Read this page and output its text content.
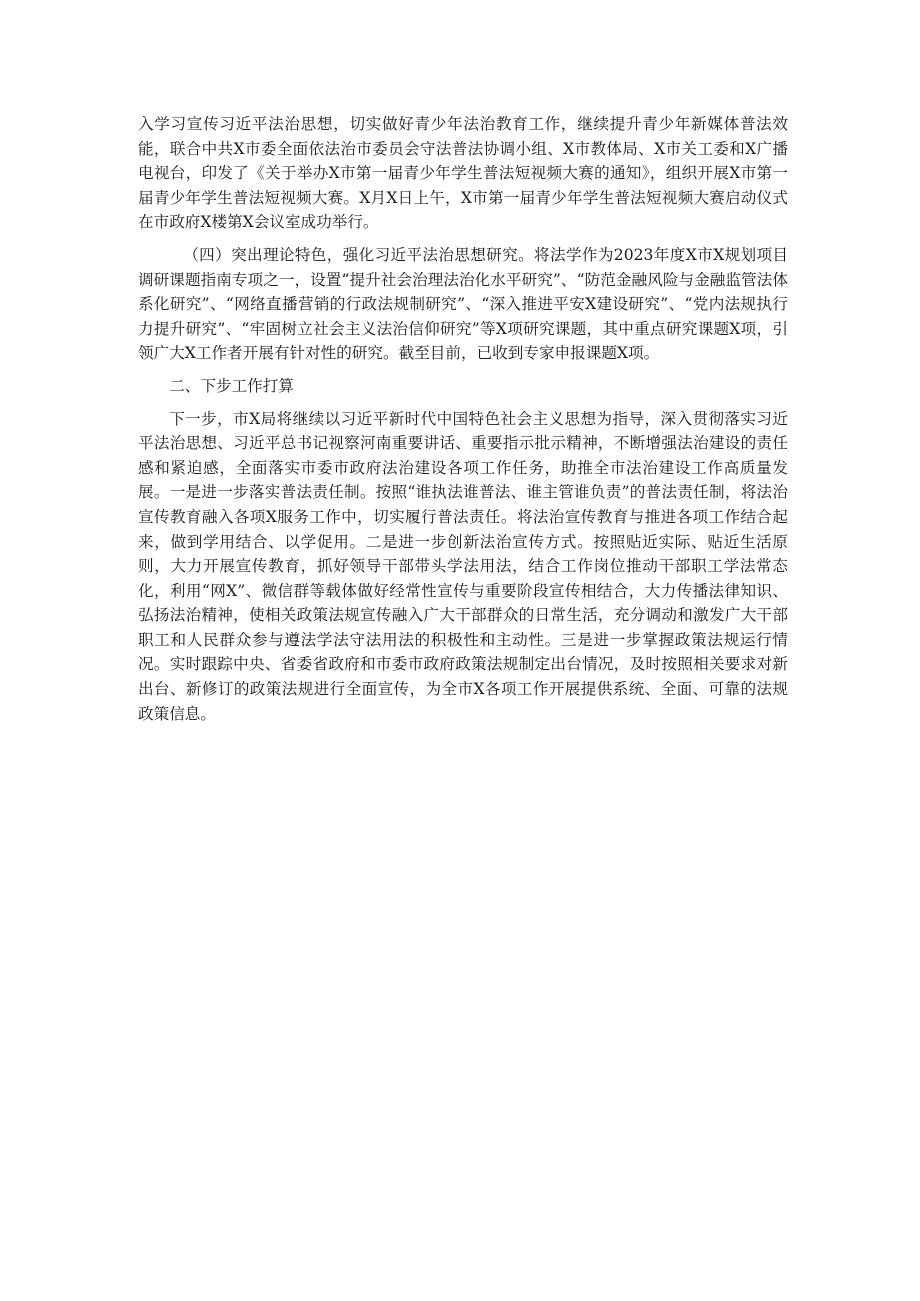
入学习宣传习近平法治思想，切实做好青少年法治教育工作，继续提升青少年新媒体普法效能，联合中共X市委全面依法治市委员会守法普法协调小组、X市教体局、X市关工委和X广播电视台，印发了《关于举办X市第一届青少年学生普法短视频大赛的通知》，组织开展X市第一届青少年学生普法短视频大赛。X月X日上午，X市第一届青少年学生普法短视频大赛启动仪式在市政府X楼第X会议室成功举行。

（四）突出理论特色，强化习近平法治思想研究。将法学作为2023年度X市X规划项目调研课题指南专项之一，设置“提升社会治理法治化水平研究”、“防范金融风险与金融监管法体系化研究”、“网络直播营销的行政法规制研究”、“深入推进平安X建设研究”、“党内法规执行力提升研究”、“牢固树立社会主义法治信仰研究”等X项研究课题，其中重点研究课题X项，引领广大X工作者开展有针对性的研究。截至目前，已收到专家申报课题X项。

二、下步工作打算

下一步，市X局将继续以习近平新时代中国特色社会主义思想为指导，深入贯彻落实习近平法治思想、习近平总书记视察河南重要讲话、重要指示批示精神，不断增强法治建设的责任感和紧迫感，全面落实市委市政府法治建设各项工作任务，助推全市法治建设工作高质量发展。一是进一步落实普法责任制。按照“谁执法谁普法、谁主管谁负责”的普法责任制，将法治宣传教育融入各项X服务工作中，切实履行普法责任。将法治宣传教育与推进各项工作结合起来，做到学用结合、以学促用。二是进一步创新法治宣传方式。按照贴近实际、贴近生活原则，大力开展宣传教育，抓好领导干部带头学法用法，结合工作岗位推动干部职工学法常态化，利用“网X”、微信群等载体做好经常性宣传与重要阶段宣传相结合，大力传播法律知识、弘扬法治精神，使相关政策法规宣传融入广大干部群众的日常生活，充分调动和激发广大干部职工和人民群众参与遵法学法守法用法的积极性和主动性。三是进一步掌握政策法规运行情况。实时跟踪中央、省委省政府和市委市政府政策法规制定出台情况，及时按照相关要求对新出台、新修订的政策法规进行全面宣传，为全市X各项工作开展提供系统、全面、可靠的法规政策信息。
